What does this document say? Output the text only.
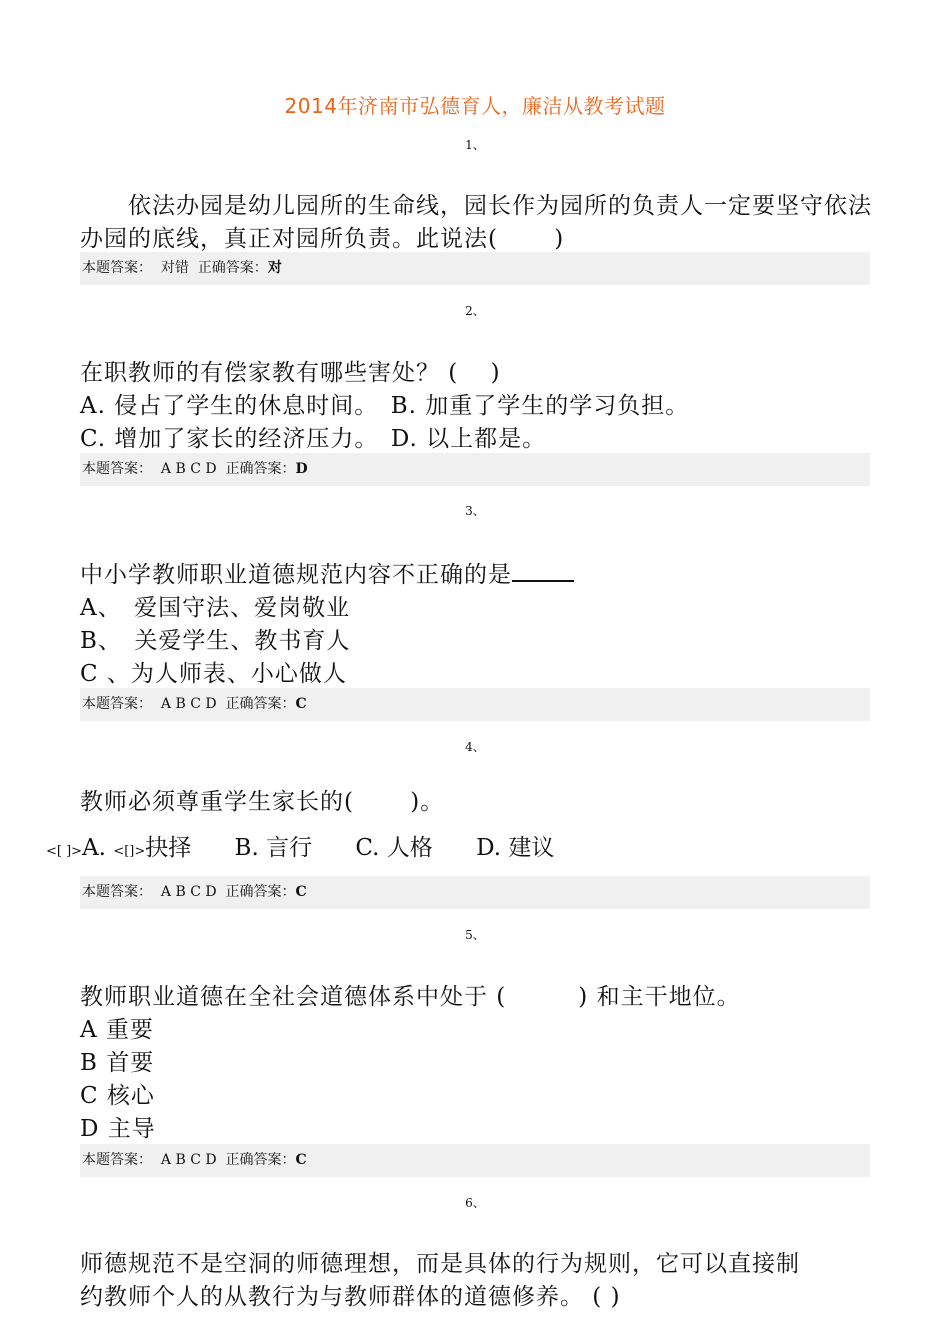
2014年济南市弘德育人，廉洁从教考试题
1、
依法办园是幼儿园所的生命线，园长作为园所的负责人一定要坚守依法
办园的底线，真正对园所负责。此说法(　　 )
本题答案： 对错 正确答案：对
2、
在职教师的有偿家教有哪些害处？ (　 )
A. 侵占了学生的休息时间。　B. 加重了学生的学习负担。
C. 增加了家长的经济压力。　D. 以上都是。
本题答案： A B C D 正确答案：D
3、
中小学教师职业道德规范内容不正确的是
A、　爱国守法、爱岗敬业
B、　关爱学生、教书育人
C 、为人师表、小心做人
本题答案： A B C D 正确答案：C
4、
教师必须尊重学生家长的(　　 )。
<[ ]>A. <[]>抉择 B. 言行 C. 人格 D. 建议
本题答案： A B C D 正确答案：C
5、
教师职业道德在全社会道德体系中处于 (　　　) 和主干地位。
A 重要
B 首要
C 核心
D 主导
本题答案： A B C D 正确答案：C
6、
师德规范不是空洞的师德理想，而是具体的行为规则，它可以直接制
约教师个人的从教行为与教师群体的道德修养。 ( )
